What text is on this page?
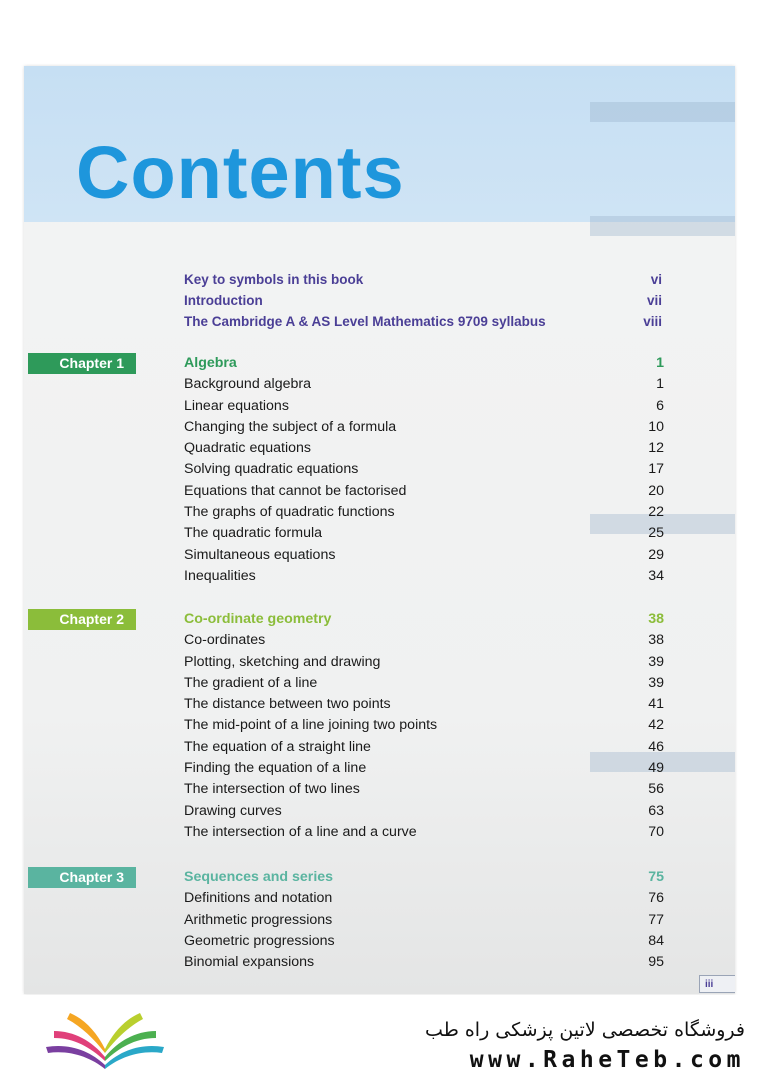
Contents
Key to symbols in this book	vi
Introduction	vii
The Cambridge A & AS Level Mathematics 9709 syllabus	viii
Chapter 1	Algebra	1
Background algebra	1
Linear equations	6
Changing the subject of a formula	10
Quadratic equations	12
Solving quadratic equations	17
Equations that cannot be factorised	20
The graphs of quadratic functions	22
The quadratic formula	25
Simultaneous equations	29
Inequalities	34
Chapter 2	Co-ordinate geometry	38
Co-ordinates	38
Plotting, sketching and drawing	39
The gradient of a line	39
The distance between two points	41
The mid-point of a line joining two points	42
The equation of a straight line	46
Finding the equation of a line	49
The intersection of two lines	56
Drawing curves	63
The intersection of a line and a curve	70
Chapter 3	Sequences and series	75
Definitions and notation	76
Arithmetic progressions	77
Geometric progressions	84
Binomial expansions	95
iii
فروشگاه تخصصی لاتین پزشکی راه طب
www.RaheTeb.com
